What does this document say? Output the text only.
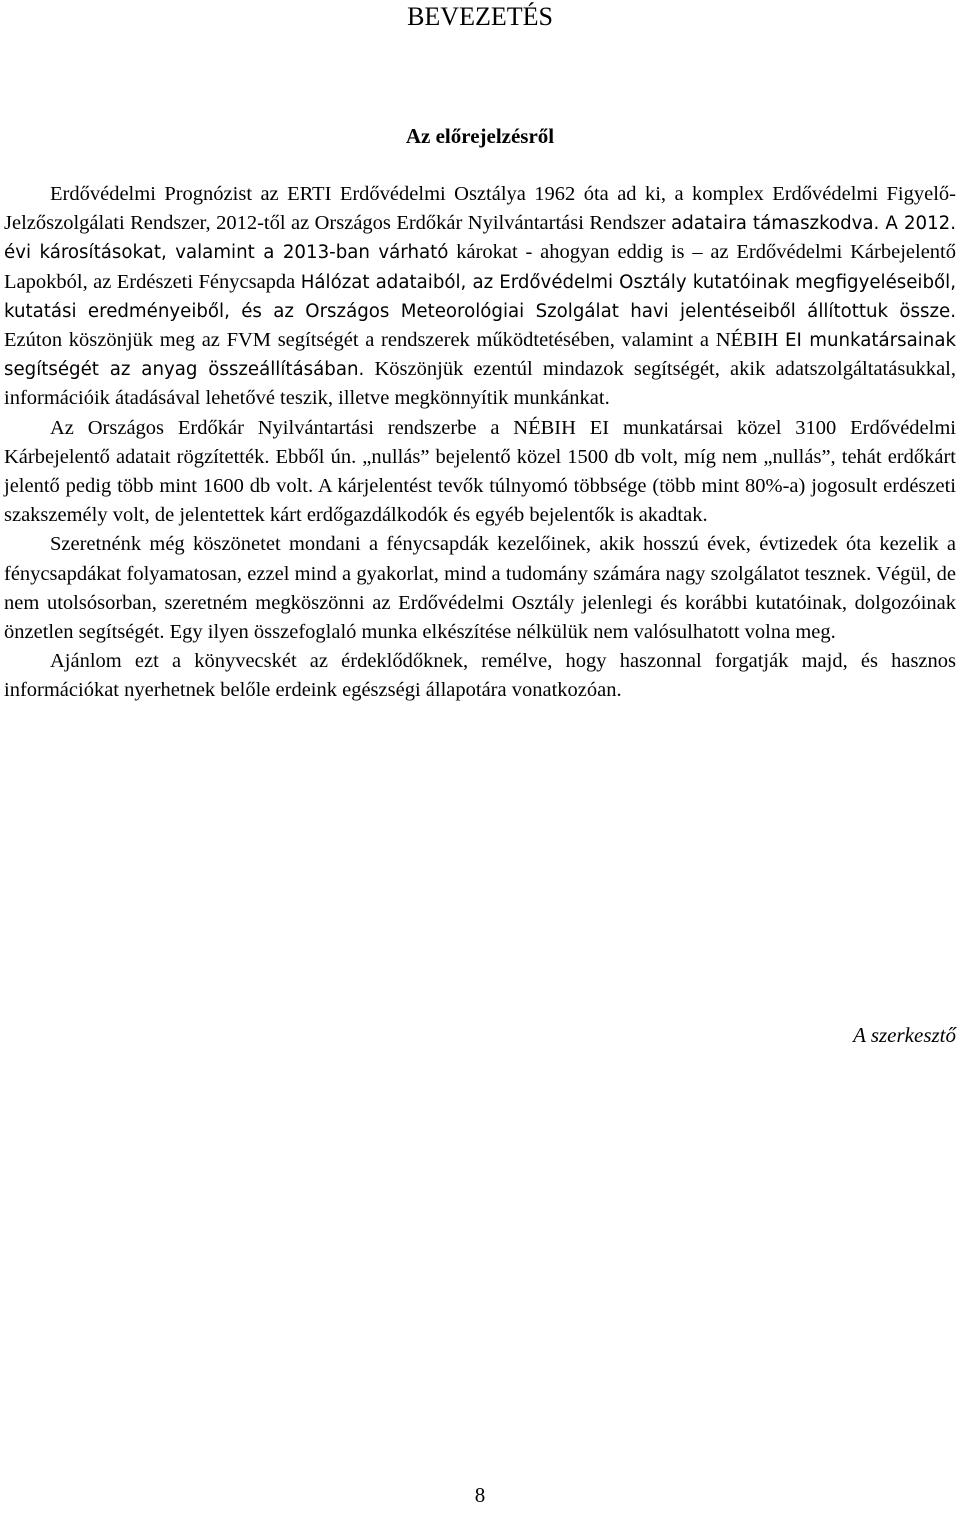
BEVEZETÉS
Az előrejelzésről

Erdővédelmi Prognózist az ERTI Erdővédelmi Osztálya 1962 óta ad ki, a komplex Erdővédelmi Figyelő-Jelzőszolgálati Rendszer, 2012-től az Országos Erdőkár Nyilvántartási Rendszer adataira támaszkodva. A 2012. évi károsításokat, valamint a 2013-ban várható károkat - ahogyan eddig is – az Erdővédelmi Kárbejelentő Lapokból, az Erdészeti Fénycsapda Hálózat adataiból, az Erdővédelmi Osztály kutatóinak megfigyeléseiből, kutatási eredményeiből, és az Országos Meteorológiai Szolgálat havi jelentéseiből állítottuk össze. Ezúton köszönjük meg az FVM segítségét a rendszerek működtetésében, valamint a NÉBIH EI munkatársainak segítségét az anyag összeállításában. Köszönjük ezentúl mindazok segítségét, akik adatszolgáltatásukkal, információik átadásával lehetővé teszik, illetve megkönnyítik munkánkat.

Az Országos Erdőkár Nyilvántartási rendszerbe a NÉBIH EI munkatársai közel 3100 Erdővédelmi Kárbejelentő adatait rögzítették. Ebből ún. „nullás” bejelentő közel 1500 db volt, míg nem „nullás”, tehát erdőkárt jelentő pedig több mint 1600 db volt. A kárjelentést tevők túlnyomó többsége (több mint 80%-a) jogosult erdészeti szakszemély volt, de jelentettek kárt erdőgazdálkodók és egyéb bejelentők is akadtak.

Szeretnénk még köszönetet mondani a fénycsapdák kezelőinek, akik hosszú évek, évtizedek óta kezelik a fénycsapdákat folyamatosan, ezzel mind a gyakorlat, mind a tudomány számára nagy szolgálatot tesznek. Végül, de nem utolsósorban, szeretném megköszönni az Erdővédelmi Osztály jelenlegi és korábbi kutatóinak, dolgozóinak önzetlen segítségét. Egy ilyen összefoglaló munka elkészítése nélkülük nem valósulhatott volna meg.

Ajánlom ezt a könyvecskét az érdeklődőknek, remélve, hogy haszonnal forgatják majd, és hasznos információkat nyerhetnek belőle erdeink egészségi állapotára vonatkozóan.

A szerkesztő
8
